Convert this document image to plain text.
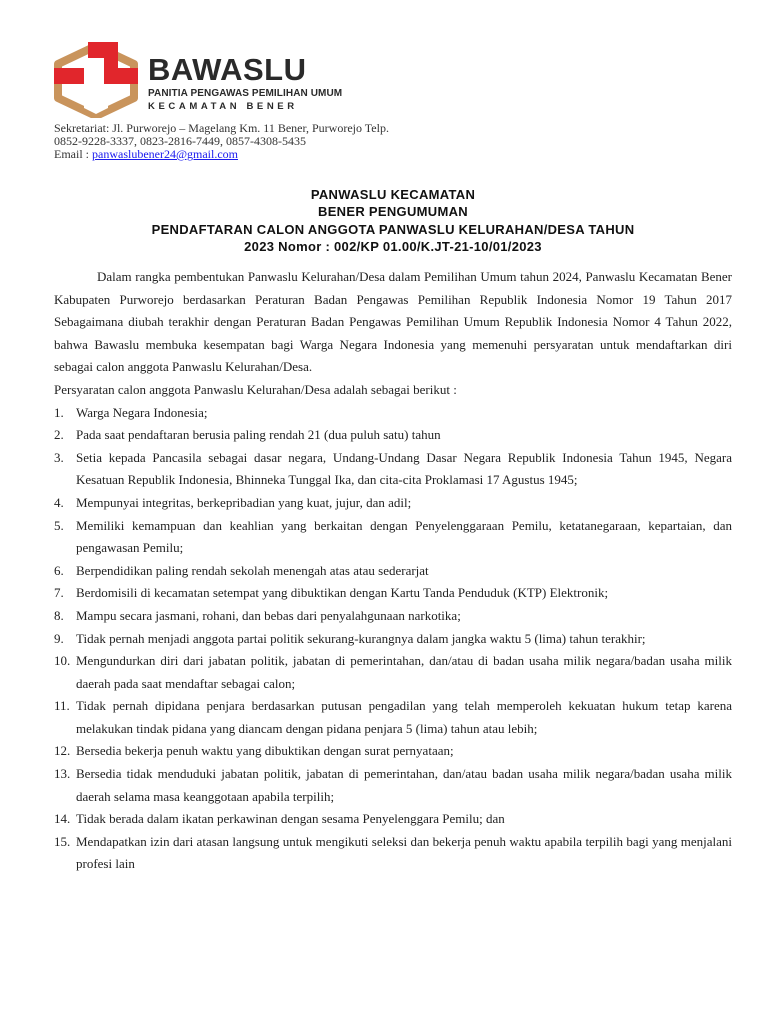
BAWASLU
PANITIA PENGAWAS PEMILIHAN UMUM
KECAMATAN BENER
Sekretariat: Jl. Purworejo – Magelang Km. 11 Bener, Purworejo Telp.
0852-9228-3337, 0823-2816-7449, 0857-4308-5435
Email : panwaslubener24@gmail.com
PANWASLU KECAMATAN
BENER PENGUMUMAN
PENDAFTARAN CALON ANGGOTA PANWASLU KELURAHAN/DESA TAHUN
2023 Nomor : 002/KP 01.00/K.JT-21-10/01/2023

Dalam rangka pembentukan Panwaslu Kelurahan/Desa dalam Pemilihan Umum tahun 2024, Panwaslu Kecamatan Bener Kabupaten Purworejo berdasarkan Peraturan Badan Pengawas Pemilihan Republik Indonesia Nomor 19 Tahun 2017 Sebagaimana diubah terakhir dengan Peraturan Badan Pengawas Pemilihan Umum Republik Indonesia Nomor 4 Tahun 2022, bahwa Bawaslu membuka kesempatan bagi Warga Negara Indonesia yang memenuhi persyaratan untuk mendaftarkan diri sebagai calon anggota Panwaslu Kelurahan/Desa.

Persyaratan calon anggota Panwaslu Kelurahan/Desa adalah sebagai berikut :

1. Warga Negara Indonesia;
2. Pada saat pendaftaran berusia paling rendah 21 (dua puluh satu) tahun
3. Setia kepada Pancasila sebagai dasar negara, Undang-Undang Dasar Negara Republik Indonesia Tahun 1945, Negara Kesatuan Republik Indonesia, Bhinneka Tunggal Ika, dan cita-cita Proklamasi 17 Agustus 1945;
4. Mempunyai integritas, berkepribadian yang kuat, jujur, dan adil;
5. Memiliki kemampuan dan keahlian yang berkaitan dengan Penyelenggaraan Pemilu, ketatanegaraan, kepartaian, dan pengawasan Pemilu;
6. Berpendidikan paling rendah sekolah menengah atas atau sederarjat
7. Berdomisili di kecamatan setempat yang dibuktikan dengan Kartu Tanda Penduduk (KTP) Elektronik;
8. Mampu secara jasmani, rohani, dan bebas dari penyalahgunaan narkotika;
9. Tidak pernah menjadi anggota partai politik sekurang-kurangnya dalam jangka waktu 5 (lima) tahun terakhir;
10. Mengundurkan diri dari jabatan politik, jabatan di pemerintahan, dan/atau di badan usaha milik negara/badan usaha milik daerah pada saat mendaftar sebagai calon;
11. Tidak pernah dipidana penjara berdasarkan putusan pengadilan yang telah memperoleh kekuatan hukum tetap karena melakukan tindak pidana yang diancam dengan pidana penjara 5 (lima) tahun atau lebih;
12. Bersedia bekerja penuh waktu yang dibuktikan dengan surat pernyataan;
13. Bersedia tidak menduduki jabatan politik, jabatan di pemerintahan, dan/atau badan usaha milik negara/badan usaha milik daerah selama masa keanggotaan apabila terpilih;
14. Tidak berada dalam ikatan perkawinan dengan sesama Penyelenggara Pemilu; dan
15. Mendapatkan izin dari atasan langsung untuk mengikuti seleksi dan bekerja penuh waktu apabila terpilih bagi yang menjalani profesi lain
